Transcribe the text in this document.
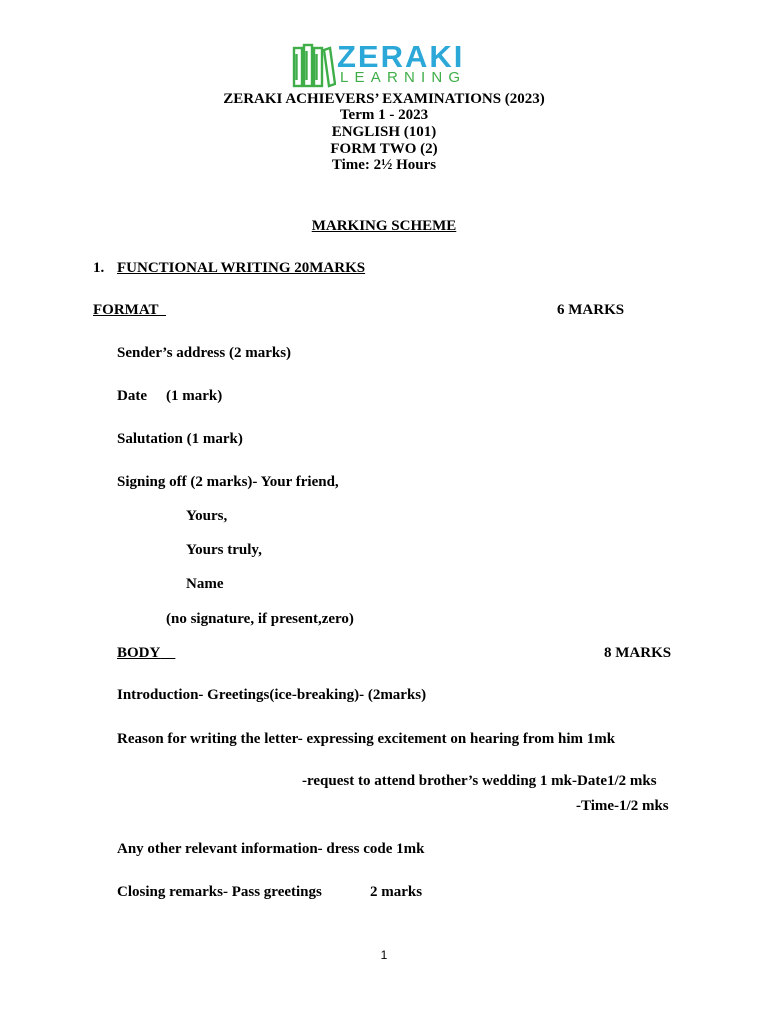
ZERAKI
LEARNING
ZERAKI ACHIEVERS’ EXAMINATIONS (2023)
Term 1 - 2023
ENGLISH (101)
FORM TWO (2)
Time: 2½ Hours
MARKING SCHEME
1. FUNCTIONAL WRITING 20MARKS
FORMAT	6 MARKS
Sender’s address (2 marks)
Date (1 mark)
Salutation (1 mark)
Signing off (2 marks)- Your friend,
Yours,
Yours truly,
Name
(no signature, if present,zero)
BODY	8 MARKS
Introduction- Greetings(ice-breaking)- (2marks)
Reason for writing the letter- expressing excitement on hearing from him 1mk
-request to attend brother’s wedding 1 mk-Date1/2 mks
-Time-1/2 mks
Any other relevant information- dress code 1mk
Closing remarks- Pass greetings	2 marks
1
